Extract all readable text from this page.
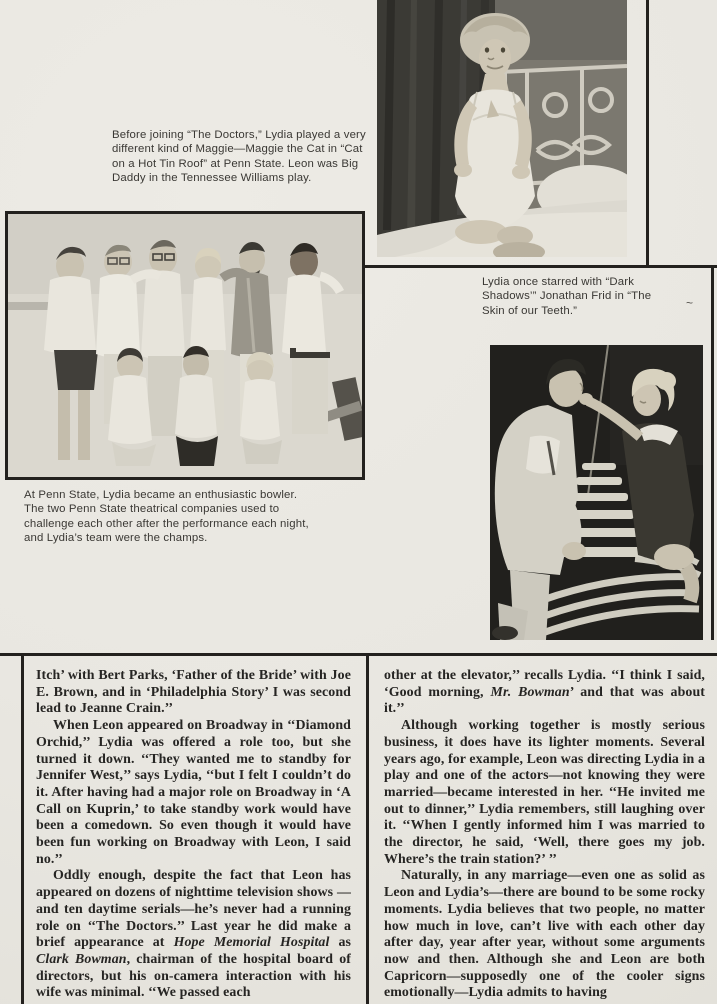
Before joining “The Doctors,” Lydia played a very different kind of Maggie—Maggie the Cat in “Cat on a Hot Tin Roof” at Penn State. Leon was Big Daddy in the Tennessee Williams play.
Lydia once starred with “Dark Shadows’” Jonathan Frid in “The Skin of our Teeth.”
~
At Penn State, Lydia became an enthusiastic bowler. The two Penn State theatrical companies used to challenge each other after the performance each night, and Lydia’s team were the champs.

Itch’ with Bert Parks, ‘Father of the Bride’ with Joe E. Brown, and in ‘Philadelphia Story’ I was second lead to Jeanne Crain.’’

When Leon appeared on Broadway in ‘‘Diamond Orchid,’’ Lydia was offered a role too, but she turned it down. ‘‘They wanted me to standby for Jennifer West,’’ says Lydia, ‘‘but I felt I couldn’t do it. After having had a major role on Broadway in ‘A Call on Kuprin,’ to take standby work would have been a comedown. So even though it would have been fun working on Broadway with Leon, I said no.’’

Oddly enough, despite the fact that Leon has appeared on dozens of nighttime television shows —and ten daytime serials—he’s never had a running role on ‘‘The Doctors.’’ Last year he did make a brief appearance at Hope Memorial Hospital as Clark Bowman, chairman of the hospital board of directors, but his on-camera interaction with his wife was minimal. ‘‘We passed each

other at the elevator,’’ recalls Lydia. ‘‘I think I said, ‘Good morning, Mr. Bowman’ and that was about it.’’

Although working together is mostly serious business, it does have its lighter moments. Several years ago, for example, Leon was directing Lydia in a play and one of the actors—not knowing they were married—became interested in her. ‘‘He invited me out to dinner,’’ Lydia remembers, still laughing over it. ‘‘When I gently informed him I was married to the director, he said, ‘Well, there goes my job. Where’s the train station?’ ’’

Naturally, in any marriage—even one as solid as Leon and Lydia’s—there are bound to be some rocky moments. Lydia believes that two people, no matter how much in love, can’t live with each other day after day, year after year, without some arguments now and then. Although she and Leon are both Capricorn—supposedly one of the cooler signs emotionally—Lydia admits to having
